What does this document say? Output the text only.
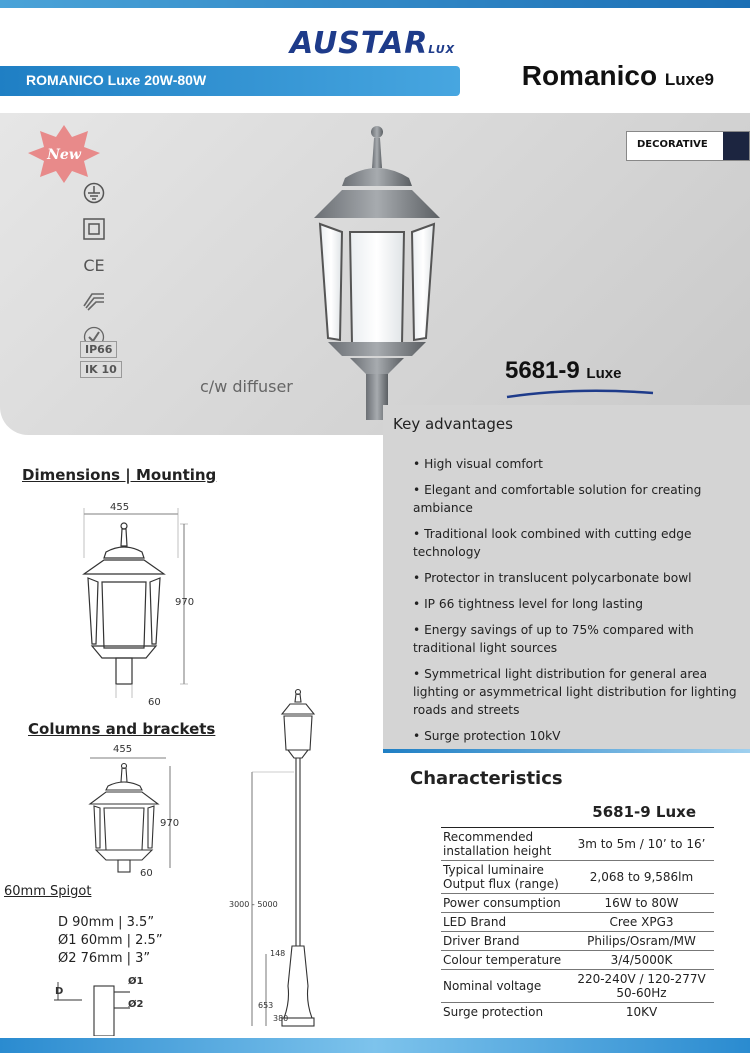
AUSTARLUX
ROMANICO Luxe 20W-80W	Romanico Luxe9
New
CE
IP66
IK 10
DECORATIVE
c/w diffuser
5681-9 Luxe
Key advantages
• High visual comfort
• Elegant and comfortable solution for creating ambiance
• Traditional look combined with cutting edge technology
• Protector in translucent polycarbonate bowl
• IP 66 tightness level for long lasting
• Energy savings of up to 75% compared with traditional light sources
• Symmetrical light distribution for general area lighting or asymmetrical light distribution for lighting roads and streets
• Surge protection 10kV
Dimensions | Mounting
455
970
60
Columns and brackets
455
970
60
3000 - 5000
148
653
380
60mm Spigot
D 90mm | 3.5”
Ø1 60mm | 2.5”
Ø2 76mm | 3”
D
Ø1
Ø2
Characteristics
5681-9 Luxe
Recommended installation height	3m to 5m / 10’ to 16’
Typical luminaire Output flux (range)	2,068 to 9,586lm
Power consumption	16W to 80W
LED Brand	Cree XPG3
Driver Brand	Philips/Osram/MW
Colour temperature	3/4/5000K
Nominal voltage	220-240V / 120-277V 50-60Hz
Surge protection	10KV
